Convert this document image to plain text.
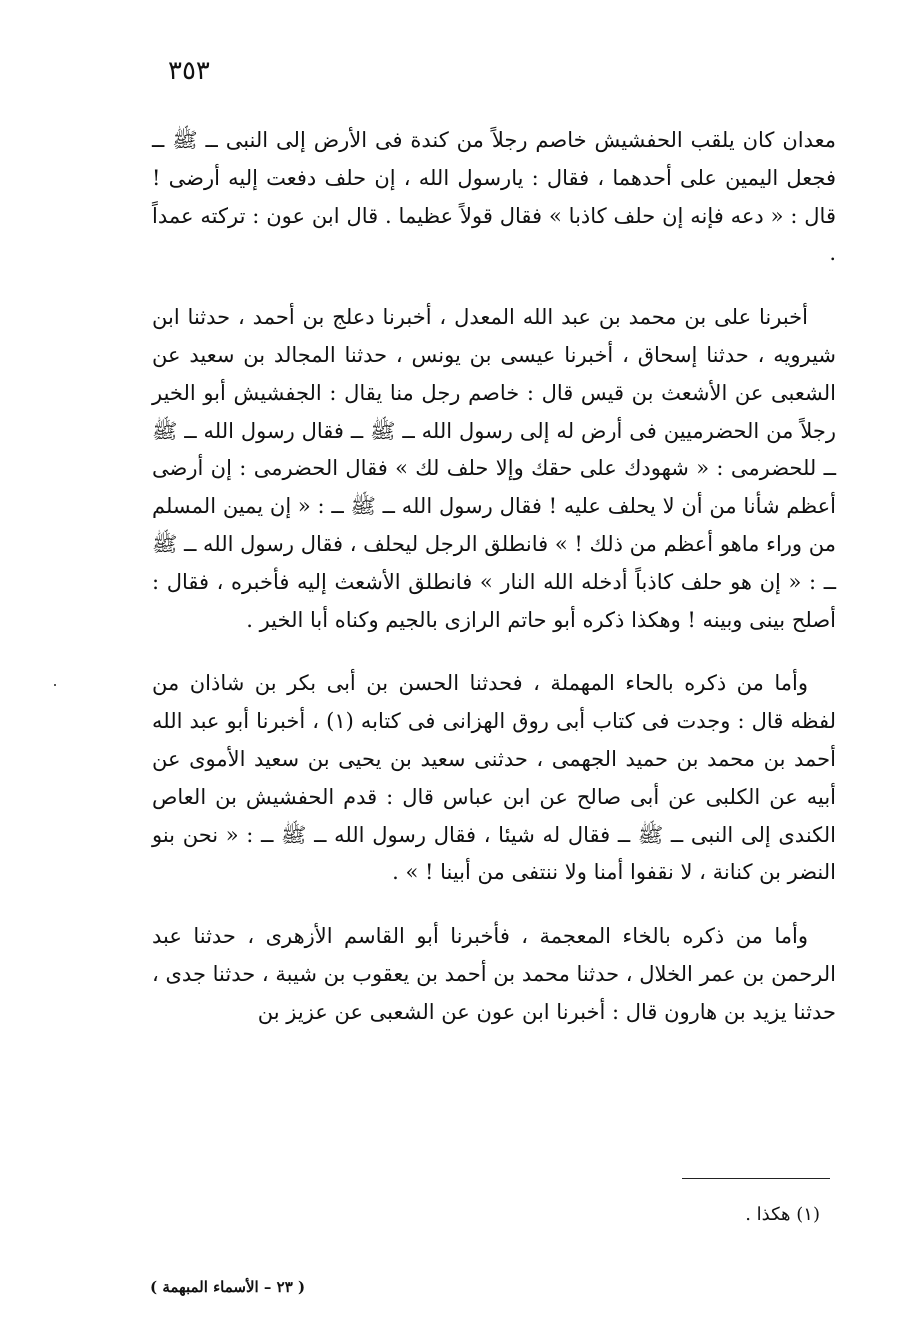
٣٥٣

معدان كان يلقب الحفشيش خاصم رجلاً من كندة فى الأرض إلى النبى ــ ﷺ ــ فجعل اليمين على أحدهما ، فقال : يارسول الله ، إن حلف دفعت إليه أرضى ! قال : « دعه فإنه إن حلف كاذبا » فقال قولاً عظيما . قال ابن عون : تركته عمداً .

أخبرنا على بن محمد بن عبد الله المعدل ، أخبرنا دعلج بن أحمد ، حدثنا ابن شيرويه ، حدثنا إسحاق ، أخبرنا عيسى بن يونس ، حدثنا المجالد بن سعيد عن الشعبى عن الأشعث بن قيس قال : خاصم رجل منا يقال : الجفشيش أبو الخير رجلاً من الحضرميين فى أرض له إلى رسول الله ــ ﷺ ــ فقال رسول الله ــ ﷺ ــ للحضرمى : « شهودك على حقك وإلا حلف لك » فقال الحضرمى : إن أرضى أعظم شأنا من أن لا يحلف عليه ! فقال رسول الله ــ ﷺ ــ : « إن يمين المسلم من وراء ماهو أعظم من ذلك ! » فانطلق الرجل ليحلف ، فقال رسول الله ــ ﷺ ــ : « إن هو حلف كاذباً أدخله الله النار » فانطلق الأشعث إليه فأخبره ، فقال : أصلح بينى وبينه ! وهكذا ذكره أبو حاتم الرازى بالجيم وكناه أبا الخير .

وأما من ذكره بالحاء المهملة ، فحدثنا الحسن بن أبى بكر بن شاذان من لفظه قال : وجدت فى كتاب أبى روق الهزانى فى كتابه (١) ، أخبرنا أبو عبد الله أحمد بن محمد بن حميد الجهمى ، حدثنى سعيد بن يحيى بن سعيد الأموى عن أبيه عن الكلبى عن أبى صالح عن ابن عباس قال : قدم الحفشيش بن العاص الكندى إلى النبى ــ ﷺ ــ فقال له شيئا ، فقال رسول الله ــ ﷺ ــ : « نحن بنو النضر بن كنانة ، لا نقفوا أمنا ولا ننتفى من أبينا ! » .

وأما من ذكره بالخاء المعجمة ، فأخبرنا أبو القاسم الأزهرى ، حدثنا عبد الرحمن بن عمر الخلال ، حدثنا محمد بن أحمد بن يعقوب بن شيبة ، حدثنا جدى ، حدثنا يزيد بن هارون قال : أخبرنا ابن عون عن الشعبى عن عزيز بن

(١) هكذا .
( ٢٣ – الأسماء المبهمة )
